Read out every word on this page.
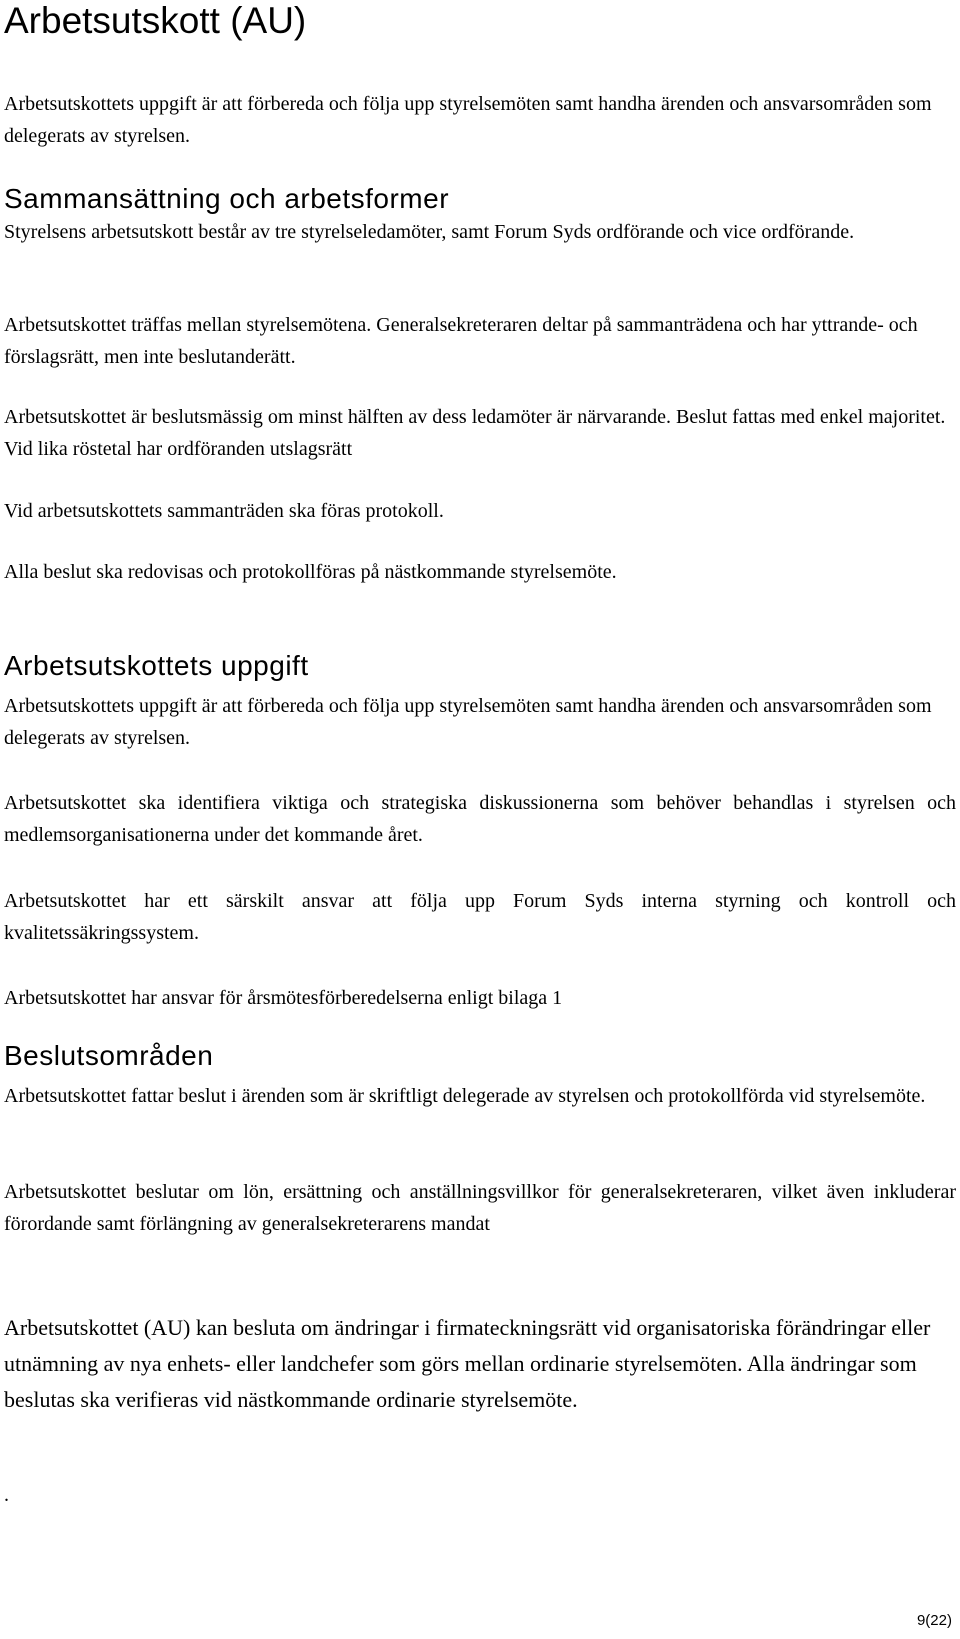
Arbetsutskott (AU)

Arbetsutskottets uppgift är att förbereda och följa upp styrelsemöten samt handha ärenden och ansvarsområden som delegerats av styrelsen.

Sammansättning och arbetsformer

Styrelsens arbetsutskott består av tre styrelseledamöter, samt Forum Syds ordförande och vice ordförande.

Arbetsutskottet träffas mellan styrelsemötena. Generalsekreteraren deltar på sammanträdena och har yttrande- och förslagsrätt, men inte beslutanderätt.

Arbetsutskottet är beslutsmässig om minst hälften av dess ledamöter är närvarande. Beslut fattas med enkel majoritet. Vid lika röstetal har ordföranden utslagsrätt

Vid arbetsutskottets sammanträden ska föras protokoll.

Alla beslut ska redovisas och protokollföras på nästkommande styrelsemöte.

Arbetsutskottets uppgift

Arbetsutskottets uppgift är att förbereda och följa upp styrelsemöten samt handha ärenden och ansvarsområden som delegerats av styrelsen.

Arbetsutskottet ska identifiera viktiga och strategiska diskussionerna som behöver behandlas i styrelsen och medlemsorganisationerna under det kommande året.

Arbetsutskottet har ett särskilt ansvar att följa upp Forum Syds interna styrning och kontroll och kvalitetssäkringssystem.

Arbetsutskottet har ansvar för årsmötesförberedelserna enligt bilaga 1

Beslutsområden

Arbetsutskottet fattar beslut i ärenden som är skriftligt delegerade av styrelsen och protokollförda vid styrelsemöte.

Arbetsutskottet beslutar om lön, ersättning och anställningsvillkor för generalsekreteraren, vilket även inkluderar förordande samt förlängning av generalsekreterarens mandat

Arbetsutskottet (AU) kan besluta om ändringar i firmateckningsrätt vid organisatoriska förändringar eller utnämning av nya enhets- eller landchefer som görs mellan ordinarie styrelsemöten. Alla ändringar som beslutas ska verifieras vid nästkommande ordinarie styrelsemöte.

.
9(22)
